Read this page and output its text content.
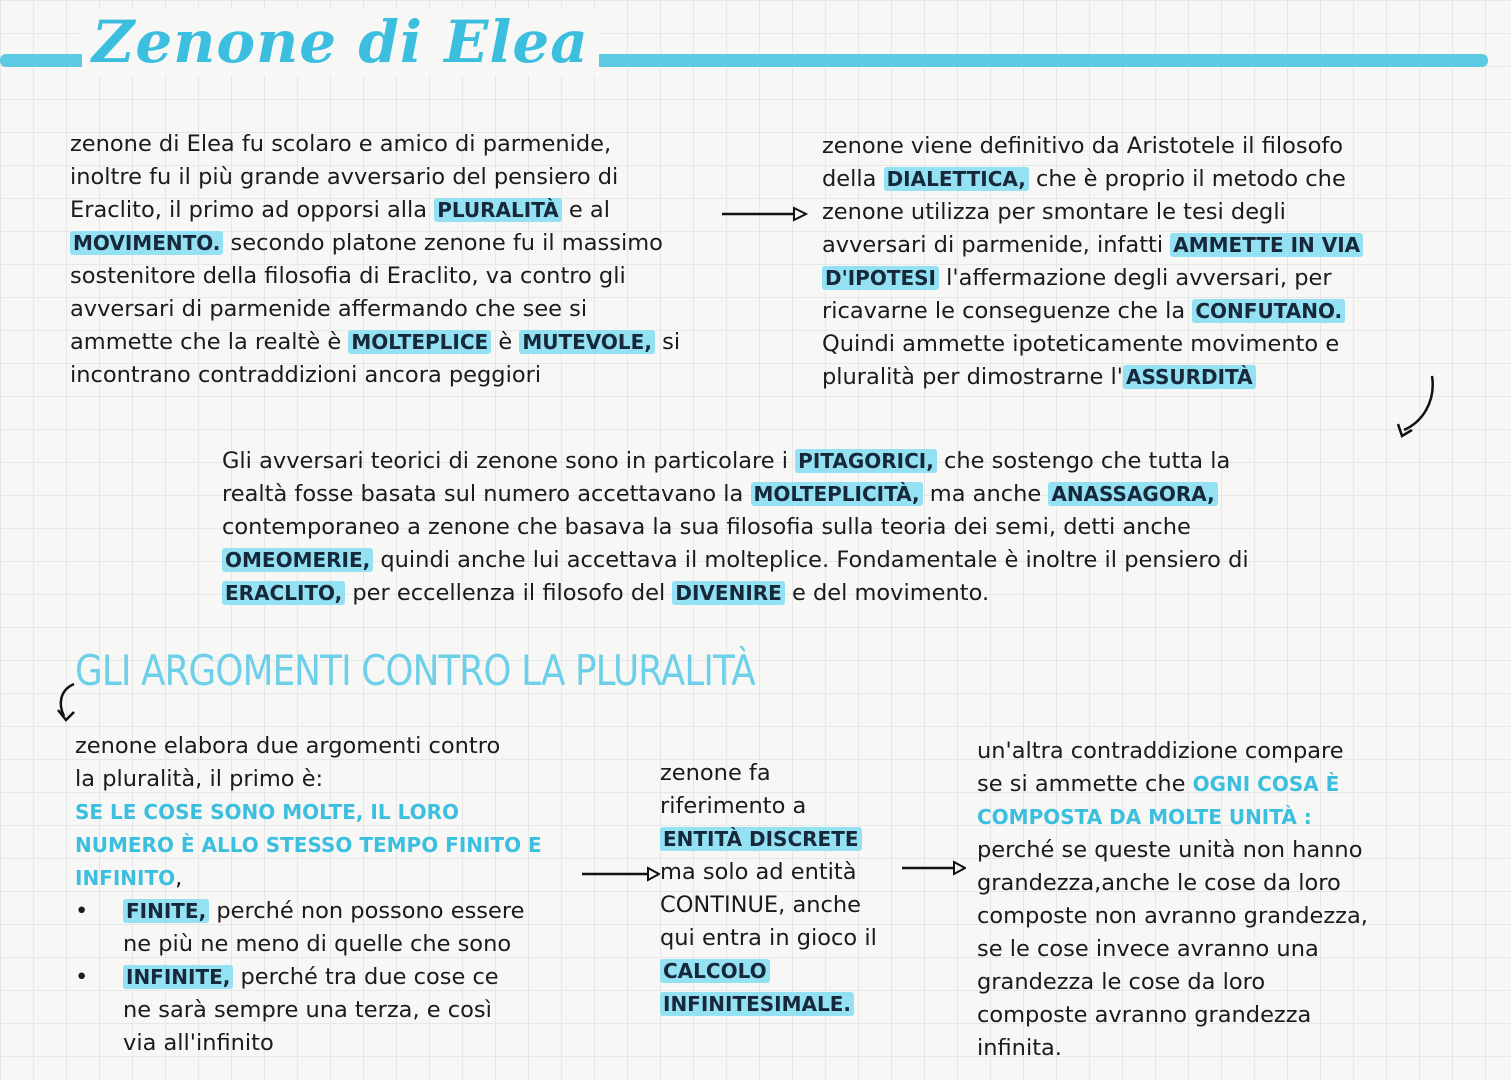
Zenone di Elea
zenone di Elea fu scolaro e amico di parmenide,
inoltre fu il più grande avversario del pensiero di
Eraclito, il primo ad opporsi alla PLURALITÀ e al
MOVIMENTO. secondo platone zenone fu il massimo
sostenitore della filosofia di Eraclito, va contro gli
avversari di parmenide affermando che see si
ammette che la realtè è MOLTEPLICE è MUTEVOLE, si
incontrano contraddizioni ancora peggiori
zenone viene definitivo da Aristotele il filosofo
della DIALETTICA, che è proprio il metodo che
zenone utilizza per smontare le tesi degli
avversari di parmenide, infatti AMMETTE IN VIA
D'IPOTESI l'affermazione degli avversari, per
ricavarne le conseguenze che la CONFUTANO.
Quindi ammette ipoteticamente movimento e
pluralità per dimostrarne l' ASSURDITÀ
Gli avversari teorici di zenone sono in particolare i PITAGORICI, che sostengo che tutta la
realtà fosse basata sul numero accettavano la MOLTEPLICITÀ, ma anche ANASSAGORA,
contemporaneo a zenone che basava la sua filosofia sulla teoria dei semi, detti anche
OMEOMERIE, quindi anche lui accettava il molteplice. Fondamentale è inoltre il pensiero di
ERACLITO, per eccellenza il filosofo del DIVENIRE e del movimento.
GLI ARGOMENTI CONTRO LA PLURALITÀ
zenone elabora due argomenti contro
la pluralità, il primo è:
SE LE COSE SONO MOLTE, IL LORO
NUMERO È ALLO STESSO TEMPO FINITO E
INFINITO,
• FINITE, perché non possono essere
ne più ne meno di quelle che sono
• INFINITE, perché tra due cose ce
ne sarà sempre una terza, e così
via all'infinito
zenone fa
riferimento a
ENTITÀ DISCRETE
ma solo ad entità
CONTINUE, anche
qui entra in gioco il
CALCOLO
INFINITESIMALE.
un'altra contraddizione compare
se si ammette che OGNI COSA È
COMPOSTA DA MOLTE UNITÀ :
perché se queste unità non hanno
grandezza,anche le cose da loro
composte non avranno grandezza,
se le cose invece avranno una
grandezza le cose da loro
composte avranno grandezza
infinita.
